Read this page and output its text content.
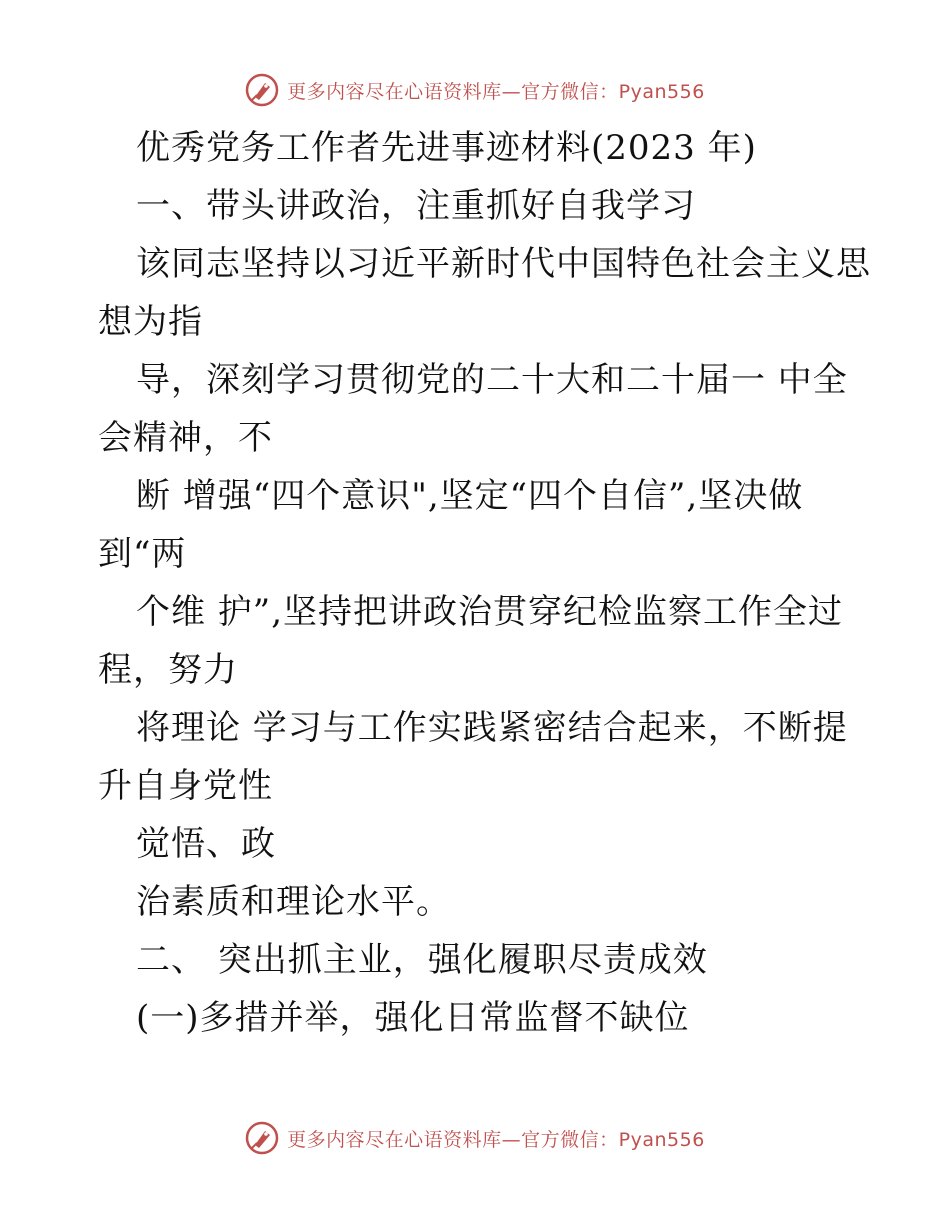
更多内容尽在心语资料库—官方微信：Pyan556
优秀党务工作者先进事迹材料(2023 年)
一、带头讲政治，注重抓好自我学习
该同志坚持以习近平新时代中国特色社会主义思
想为指
导，深刻学习贯彻党的二十大和二十届一 中全
会精神，不
断 增强“四个意识",坚定“四个自信”,坚决做
到“两
个维 护”,坚持把讲政治贯穿纪检监察工作全过
程，努力
将理论 学习与工作实践紧密结合起来，不断提
升自身党性
觉悟、政
治素质和理论水平。
二、 突出抓主业，强化履职尽责成效
(一)多措并举，强化日常监督不缺位
更多内容尽在心语资料库—官方微信：Pyan556
